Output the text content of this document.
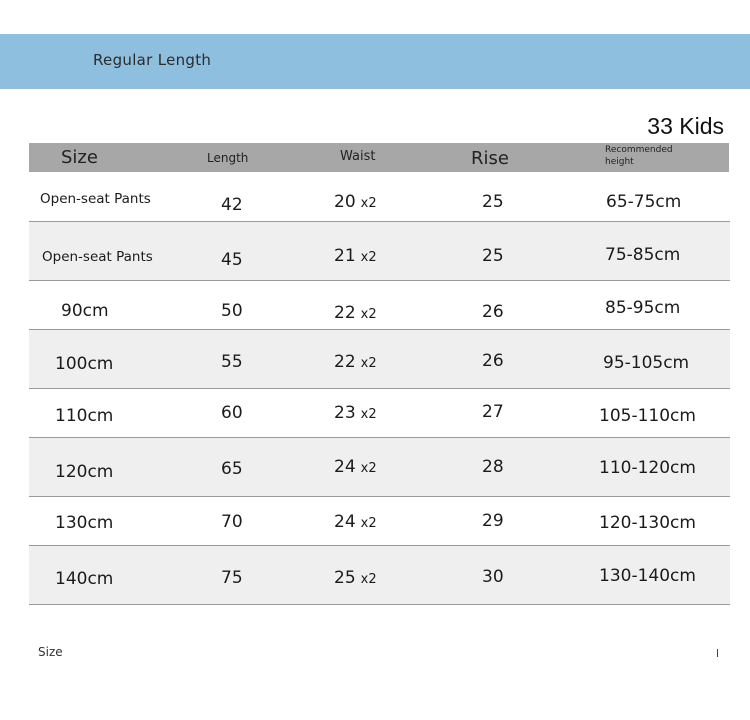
Regular Length
33 Kids
Size	Length	Waist	Rise	Recommended height
Open-seat Pants	42	20 x2	25	65-75cm
Open-seat Pants	45	21 x2	25	75-85cm
90cm	50	22 x2	26	85-95cm
100cm	55	22 x2	26	95-105cm
110cm	60	23 x2	27	105-110cm
120cm	65	24 x2	28	110-120cm
130cm	70	24 x2	29	120-130cm
140cm	75	25 x2	30	130-140cm
Size
